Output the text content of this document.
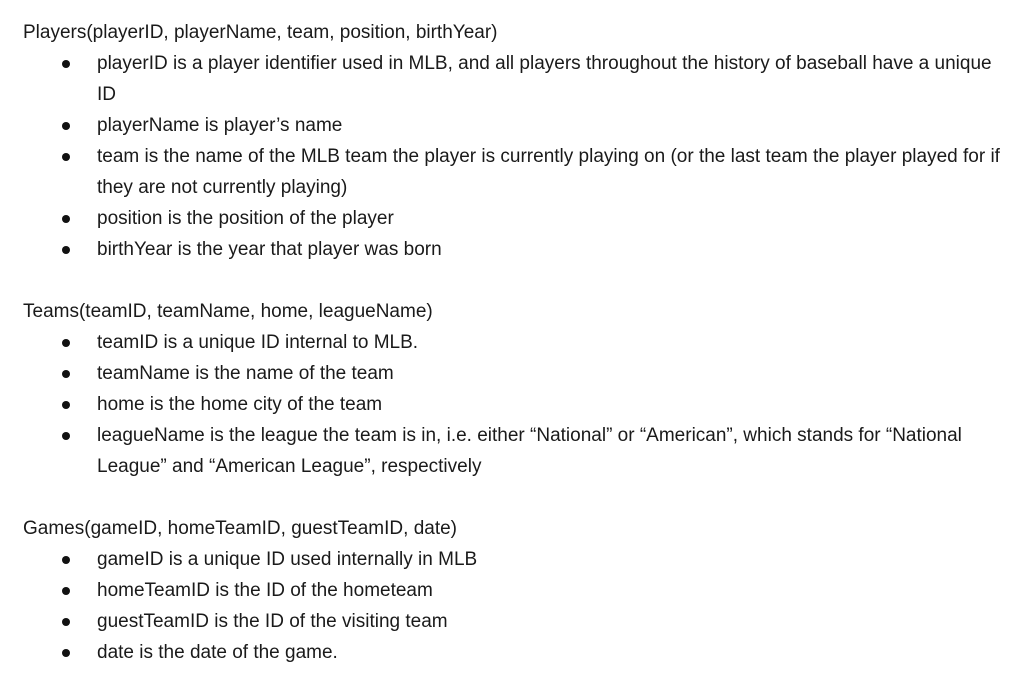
Players(playerID, playerName, team, position, birthYear)
playerID is a player identifier used in MLB, and all players throughout the history of baseball have a unique ID
playerName is player’s name
team is the name of the MLB team the player is currently playing on (or the last team the player played for if they are not currently playing)
position is the position of the player
birthYear is the year that player was born
Teams(teamID, teamName, home, leagueName)
teamID is a unique ID internal to MLB.
teamName is the name of the team
home is the home city of the team
leagueName is the league the team is in, i.e. either “National” or “American”, which stands for “National League” and “American League”, respectively
Games(gameID, homeTeamID, guestTeamID, date)
gameID is a unique ID used internally in MLB
homeTeamID is the ID of the hometeam
guestTeamID is the ID of the visiting team
date is the date of the game.
